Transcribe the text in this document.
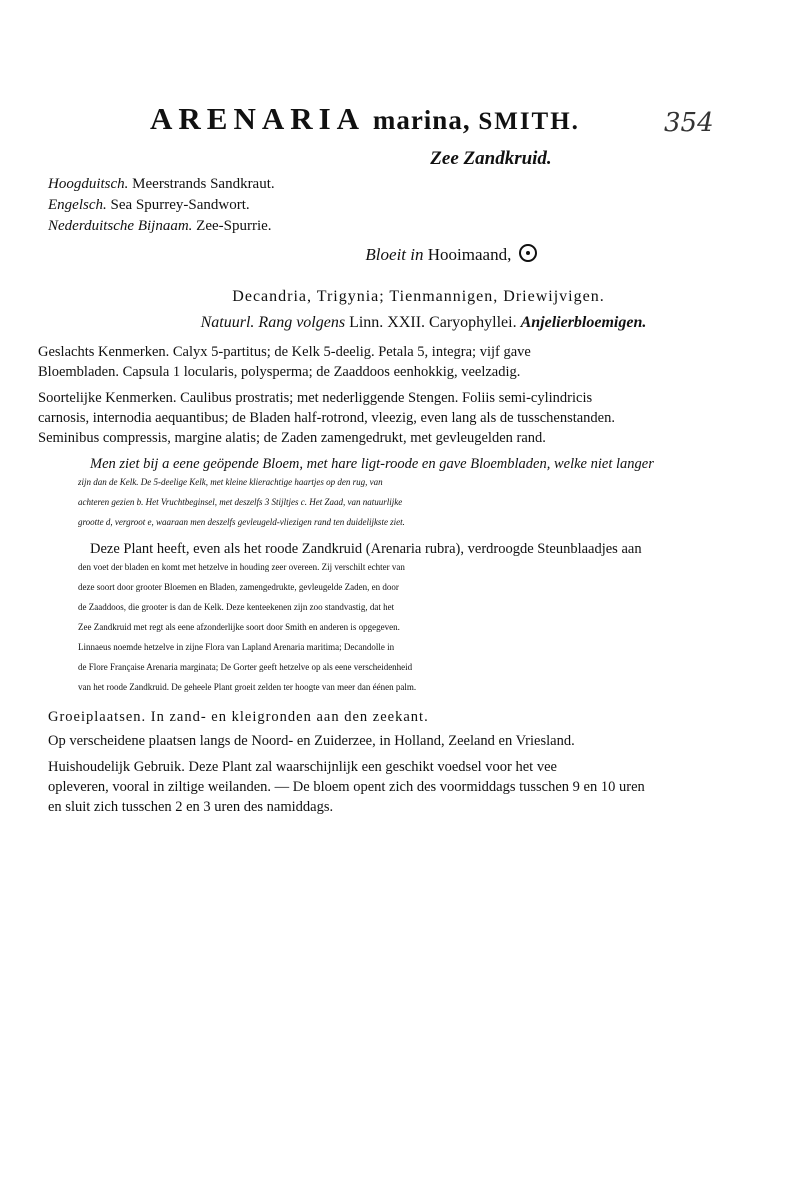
ARENARIA marina, SMITH.	354
Zee Zandkruid.
Hoogduitsch. Meerstrands Sandkraut.
Engelsch. Sea Spurrey-Sandwort.
Nederduitsche Bijnaam. Zee-Spurrie.
Bloeit in Hooimaand,
Decandria, Trigynia; Tienmannigen, Driewijvigen.
Natuurl. Rang volgens Linn. XXII. Caryophyllei. Anjelierbloemigen.
Geslachts Kenmerken. Calyx 5-partitus; de Kelk 5-deelig. Petala 5, integra; vijf gave
Bloembladen. Capsula 1 locularis, polysperma; de Zaaddoos eenhokkig, veelzadig.
Soortelijke Kenmerken. Caulibus prostratis; met nederliggende Stengen. Foliis semi-cylindricis
carnosis, internodia aequantibus; de Bladen half-rotrond, vleezig, even lang als de tusschenstanden.
Seminibus compressis, margine alatis; de Zaden zamengedrukt, met gevleugelden rand.
Men ziet bij a eene geöpende Bloem, met hare ligt-roode en gave Bloembladen, welke niet langer
zijn dan de Kelk. De 5-deelige Kelk, met kleine klierachtige haartjes op den rug, van
achteren gezien b. Het Vruchtbeginsel, met deszelfs 3 Stijltjes c. Het Zaad, van natuurlijke
grootte d, vergroot e, waaraan men deszelfs gevleugeld-vliezigen rand ten duidelijkste ziet.
Deze Plant heeft, even als het roode Zandkruid (Arenaria rubra), verdroogde Steunblaadjes aan
den voet der bladen en komt met hetzelve in houding zeer overeen. Zij verschilt echter van
deze soort door grooter Bloemen en Bladen, zamengedrukte, gevleugelde Zaden, en door
de Zaaddoos, die grooter is dan de Kelk. Deze kenteekenen zijn zoo standvastig, dat het
Zee Zandkruid met regt als eene afzonderlijke soort door Smith en anderen is opgegeven.
Linnaeus noemde hetzelve in zijne Flora van Lapland Arenaria maritima; Decandolle in
de Flore Française Arenaria marginata; De Gorter geeft hetzelve op als eene verscheidenheid
van het roode Zandkruid. De geheele Plant groeit zelden ter hoogte van meer dan éénen palm.
Groeiplaatsen. In zand- en kleigronden aan den zeekant.
Op verscheidene plaatsen langs de Noord- en Zuiderzee, in Holland, Zeeland en Vriesland.
Huishoudelijk Gebruik. Deze Plant zal waarschijnlijk een geschikt voedsel voor het vee
opleveren, vooral in ziltige weilanden. — De bloem opent zich des voormiddags tusschen 9 en 10 uren
en sluit zich tusschen 2 en 3 uren des namiddags.
